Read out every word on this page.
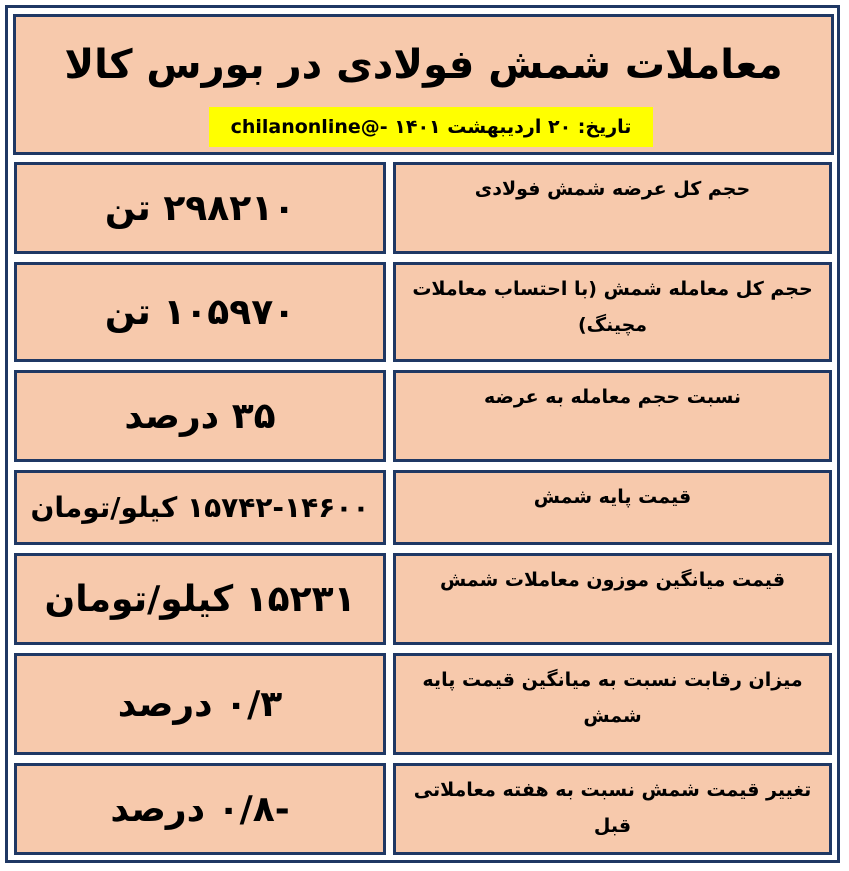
معاملات شمش فولادی در بورس کالا
تاریخ: ۲۰ اردیبهشت ۱۴۰۱ -@chilanonline
حجم کل عرضه شمش فولادی
۲۹۸۲۱۰ تن
حجم کل معامله شمش (با احتساب معاملات مچینگ)
۱۰۵۹۷۰ تن
نسبت حجم معامله به عرضه
۳۵ درصد
قیمت پایه شمش
۱۵۷۴۲-۱۴۶۰۰ کیلو/تومان
قیمت میانگین موزون معاملات شمش
۱۵۲۳۱ کیلو/تومان
میزان رقابت نسبت به میانگین قیمت پایه شمش
۰/۳ درصد
تغییر قیمت شمش نسبت به هفته معاملاتی قبل
-۰/۸ درصد
